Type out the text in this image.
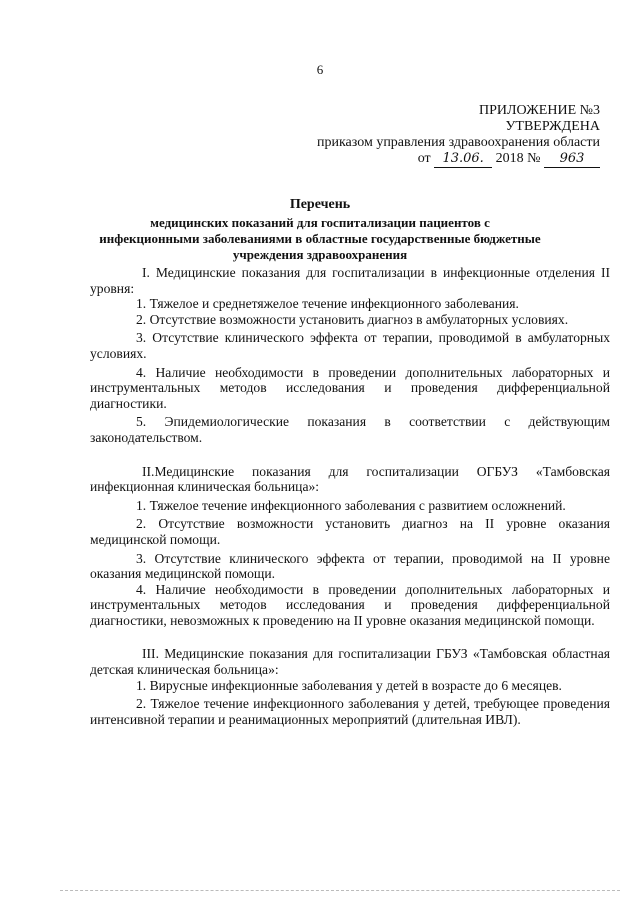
6
ПРИЛОЖЕНИЕ №3
УТВЕРЖДЕНА
приказом управления здравоохранения области
от 13.06. 2018 № 963
Перечень
медицинских показаний для госпитализации пациентов с
инфекционными заболеваниями в областные государственные бюджетные
учреждения здравоохранения

I. Медицинские показания для госпитализации в инфекционные отделения II уровня:

1. Тяжелое и среднетяжелое течение инфекционного заболевания.

2. Отсутствие возможности установить диагноз в амбулаторных условиях.

3. Отсутствие клинического эффекта от терапии, проводимой в амбулаторных условиях.

4. Наличие необходимости в проведении дополнительных лабораторных и инструментальных методов исследования и проведения дифференциальной диагностики.

5. Эпидемиологические показания в соответствии с действующим законодательством.

II.Медицинские показания для госпитализации ОГБУЗ «Тамбовская инфекционная клиническая больница»:

1. Тяжелое течение инфекционного заболевания с развитием осложнений.

2. Отсутствие возможности установить диагноз на II уровне оказания медицинской помощи.

3. Отсутствие клинического эффекта от терапии, проводимой на II уровне оказания медицинской помощи.

4. Наличие необходимости в проведении дополнительных лабораторных и инструментальных методов исследования и проведения дифференциальной диагностики, невозможных к проведению на II уровне оказания медицинской помощи.

III. Медицинские показания для госпитализации ГБУЗ «Тамбовская областная детская клиническая больница»:

1. Вирусные инфекционные заболевания у детей в возрасте до 6 месяцев.

2. Тяжелое течение инфекционного заболевания у детей, требующее проведения интенсивной терапии и реанимационных мероприятий (длительная ИВЛ).
